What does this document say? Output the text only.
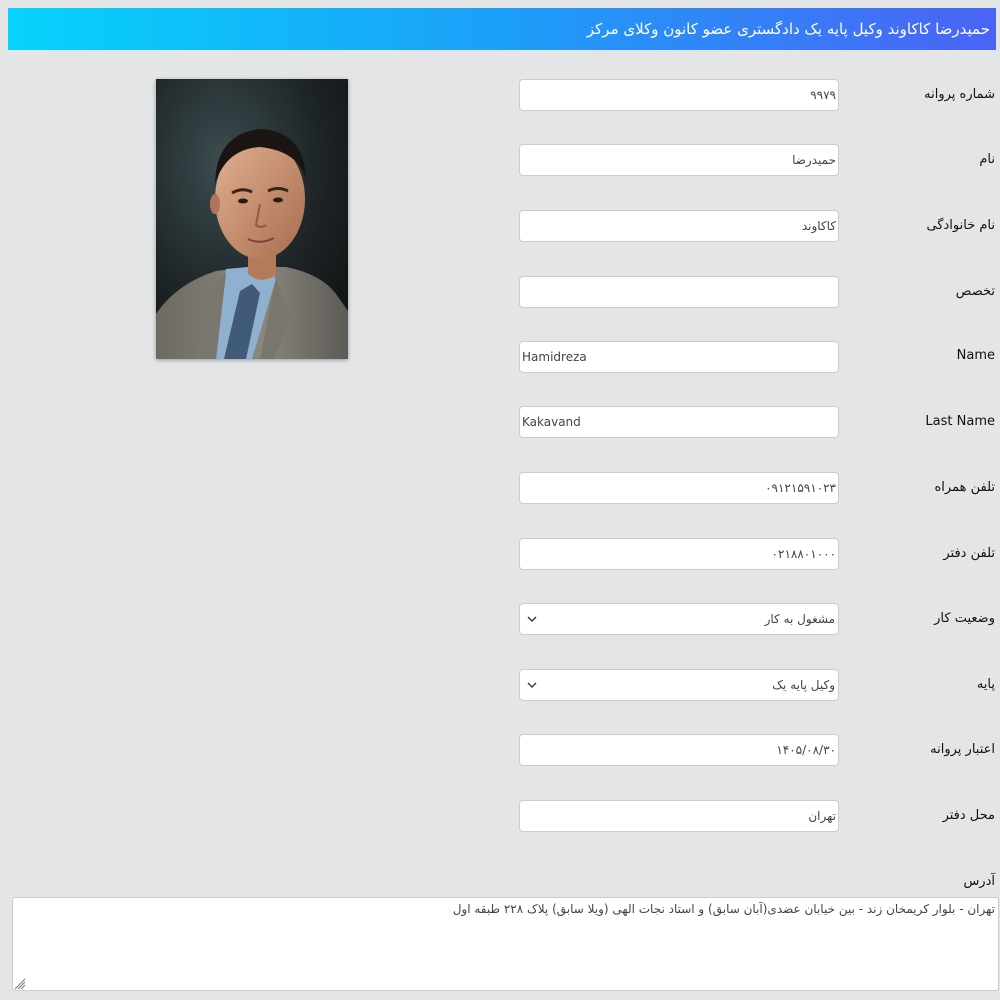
حمیدرضا کاکاوند وکیل پایه یک دادگستری عضو کانون وکلای مرکز
شماره پروانه
نام
نام خانوادگی
تخصص
Name
Last Name
تلفن همراه
تلفن دفتر
وضعیت کار
پایه
اعتبار پروانه
محل دفتر
آدرس
۹۹۷۹
حمیدرضا
کاکاوند
Hamidreza
Kakavand
۰۹۱۲۱۵۹۱۰۲۳
۰۲۱۸۸۰۱۰۰۰
مشغول به کار
وکیل پایه یک
۱۴۰۵/۰۸/۳۰
تهران
تهران - بلوار کریمخان زند - بین خیابان عضدی(آبان سابق) و استاد نجات الهی (ویلا سابق) پلاک ۲۲۸ طبقه اول
